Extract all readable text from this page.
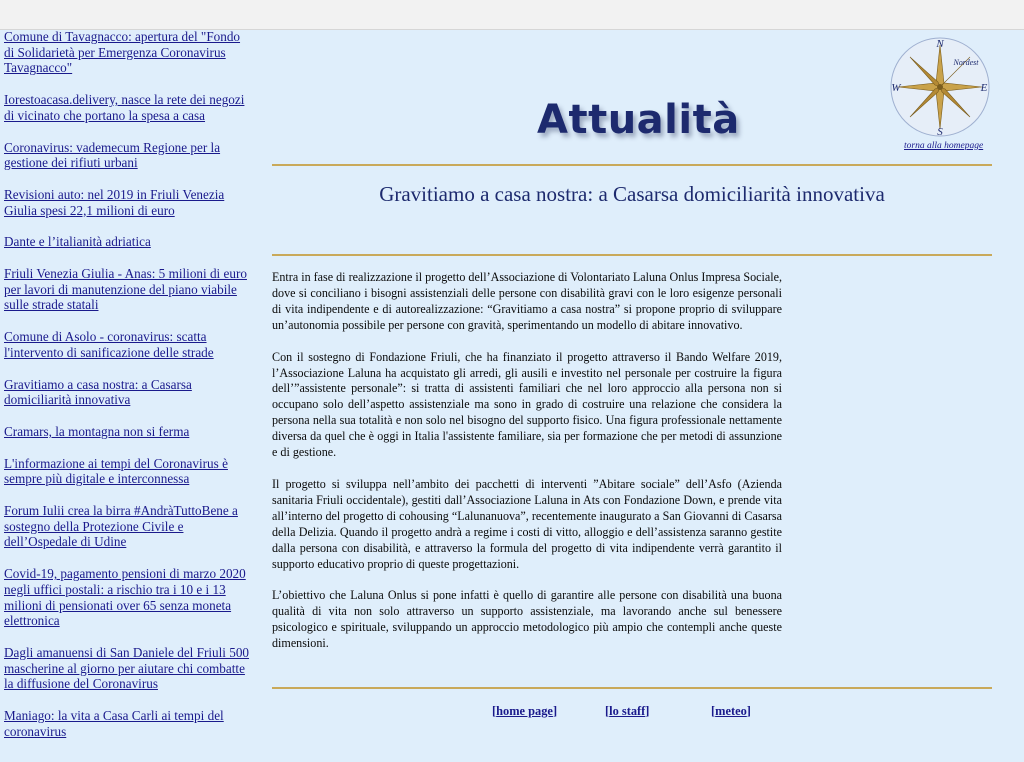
Comune di Tavagnacco: apertura del "Fondo di Solidarietà per Emergenza Coronavirus Tavagnacco"
Iorestoacasa.delivery, nasce la rete dei negozi di vicinato che portano la spesa a casa
Coronavirus: vademecum Regione per la gestione dei rifiuti urbani
Revisioni auto: nel 2019 in Friuli Venezia Giulia spesi 22,1 milioni di euro
Dante e l’italianità adriatica
Friuli Venezia Giulia - Anas: 5 milioni di euro per lavori di manutenzione del piano viabile sulle strade statali
Comune di Asolo - coronavirus: scatta l'intervento di sanificazione delle strade
Gravitiamo a casa nostra: a Casarsa domiciliarità innovativa
Cramars, la montagna non si ferma
L'informazione ai tempi del Coronavirus è sempre più digitale e interconnessa
Forum Iulii crea la birra #AndràTuttoBene a sostegno della Protezione Civile e dell’Ospedale di Udine
Covid-19, pagamento pensioni di marzo 2020 negli uffici postali: a rischio tra i 10 e i 13 milioni di pensionati over 65 senza moneta elettronica
Dagli amanuensi di San Daniele del Friuli 500 mascherine al giorno per aiutare chi combatte la diffusione del Coronavirus
Maniago: la vita a Casa Carli ai tempi del coronavirus
Attualità
N
S
E
W
Nordest
torna alla homepage
Gravitiamo a casa nostra: a Casarsa domiciliarità innovativa

Entra in fase di realizzazione il progetto dell’Associazione di Volontariato Laluna Onlus Impresa Sociale, dove si conciliano i bisogni assistenziali delle persone con disabilità gravi con le loro esigenze personali di vita indipendente e di autorealizzazione: “Gravitiamo a casa nostra” si propone proprio di sviluppare un’autonomia possibile per persone con gravità, sperimentando un modello di abitare innovativo.

Con il sostegno di Fondazione Friuli, che ha finanziato il progetto attraverso il Bando Welfare 2019, l’Associazione Laluna ha acquistato gli arredi, gli ausili e investito nel personale per costruire la figura dell’”assistente personale”: si tratta di assistenti familiari che nel loro approccio alla persona non si occupano solo dell’aspetto assistenziale ma sono in grado di costruire una relazione che considera la persona nella sua totalità e non solo nel bisogno del supporto fisico. Una figura professionale nettamente diversa da quel che è oggi in Italia l'assistente familiare, sia per formazione che per metodi di assunzione e di gestione.

Il progetto si sviluppa nell’ambito dei pacchetti di interventi ”Abitare sociale” dell’Asfo (Azienda sanitaria Friuli occidentale), gestiti dall’Associazione Laluna in Ats con Fondazione Down, e prende vita all’interno del progetto di cohousing “Lalunanuova”, recentemente inaugurato a San Giovanni di Casarsa della Delizia. Quando il progetto andrà a regime i costi di vitto, alloggio e dell’assistenza saranno gestite dalla persona con disabilità, e attraverso la formula del progetto di vita indipendente verrà garantito il supporto educativo proprio di queste progettazioni.

L’obiettivo che Laluna Onlus si pone infatti è quello di garantire alle persone con disabilità una buona qualità di vita non solo attraverso un supporto assistenziale, ma lavorando anche sul benessere psicologico e spirituale, sviluppando un approccio metodologico più ampio che contempli anche queste dimensioni.

[home page]	[lo staff]	[meteo]
